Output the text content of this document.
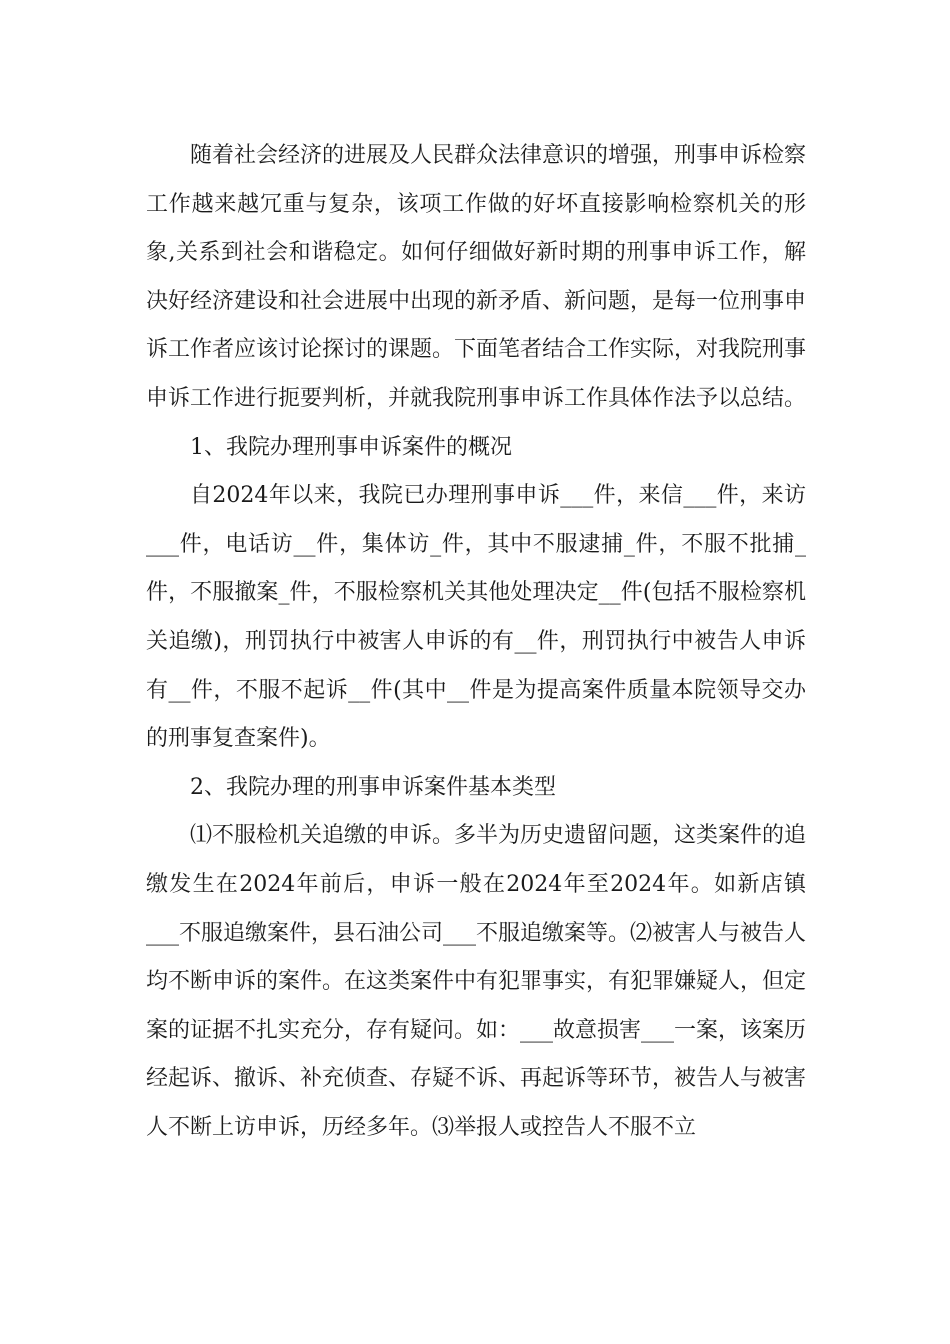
随着社会经济的进展及人民群众法律意识的增强，刑事申诉检察工作越来越冗重与复杂，该项工作做的好坏直接影响检察机关的形象,关系到社会和谐稳定。如何仔细做好新时期的刑事申诉工作，解决好经济建设和社会进展中出现的新矛盾、新问题，是每一位刑事申诉工作者应该讨论探讨的课题。下面笔者结合工作实际，对我院刑事申诉工作进行扼要判析，并就我院刑事申诉工作具体作法予以总结。

1、我院办理刑事申诉案件的概况

自2024年以来，我院已办理刑事申诉___件，来信___件，来访___件，电话访__件，集体访_件，其中不服逮捕_件，不服不批捕_件，不服撤案_件，不服检察机关其他处理决定__件(包括不服检察机关追缴)，刑罚执行中被害人申诉的有__件，刑罚执行中被告人申诉有__件，不服不起诉__件(其中__件是为提高案件质量本院领导交办的刑事复查案件)。

2、我院办理的刑事申诉案件基本类型

⑴不服检机关追缴的申诉。多半为历史遗留问题，这类案件的追缴发生在2024年前后，申诉一般在2024年至2024年。如新店镇___不服追缴案件，县石油公司___不服追缴案等。⑵被害人与被告人均不断申诉的案件。在这类案件中有犯罪事实，有犯罪嫌疑人，但定案的证据不扎实充分，存有疑问。如：___故意损害___一案，该案历经起诉、撤诉、补充侦查、存疑不诉、再起诉等环节，被告人与被害人不断上访申诉，历经多年。⑶举报人或控告人不服不立
